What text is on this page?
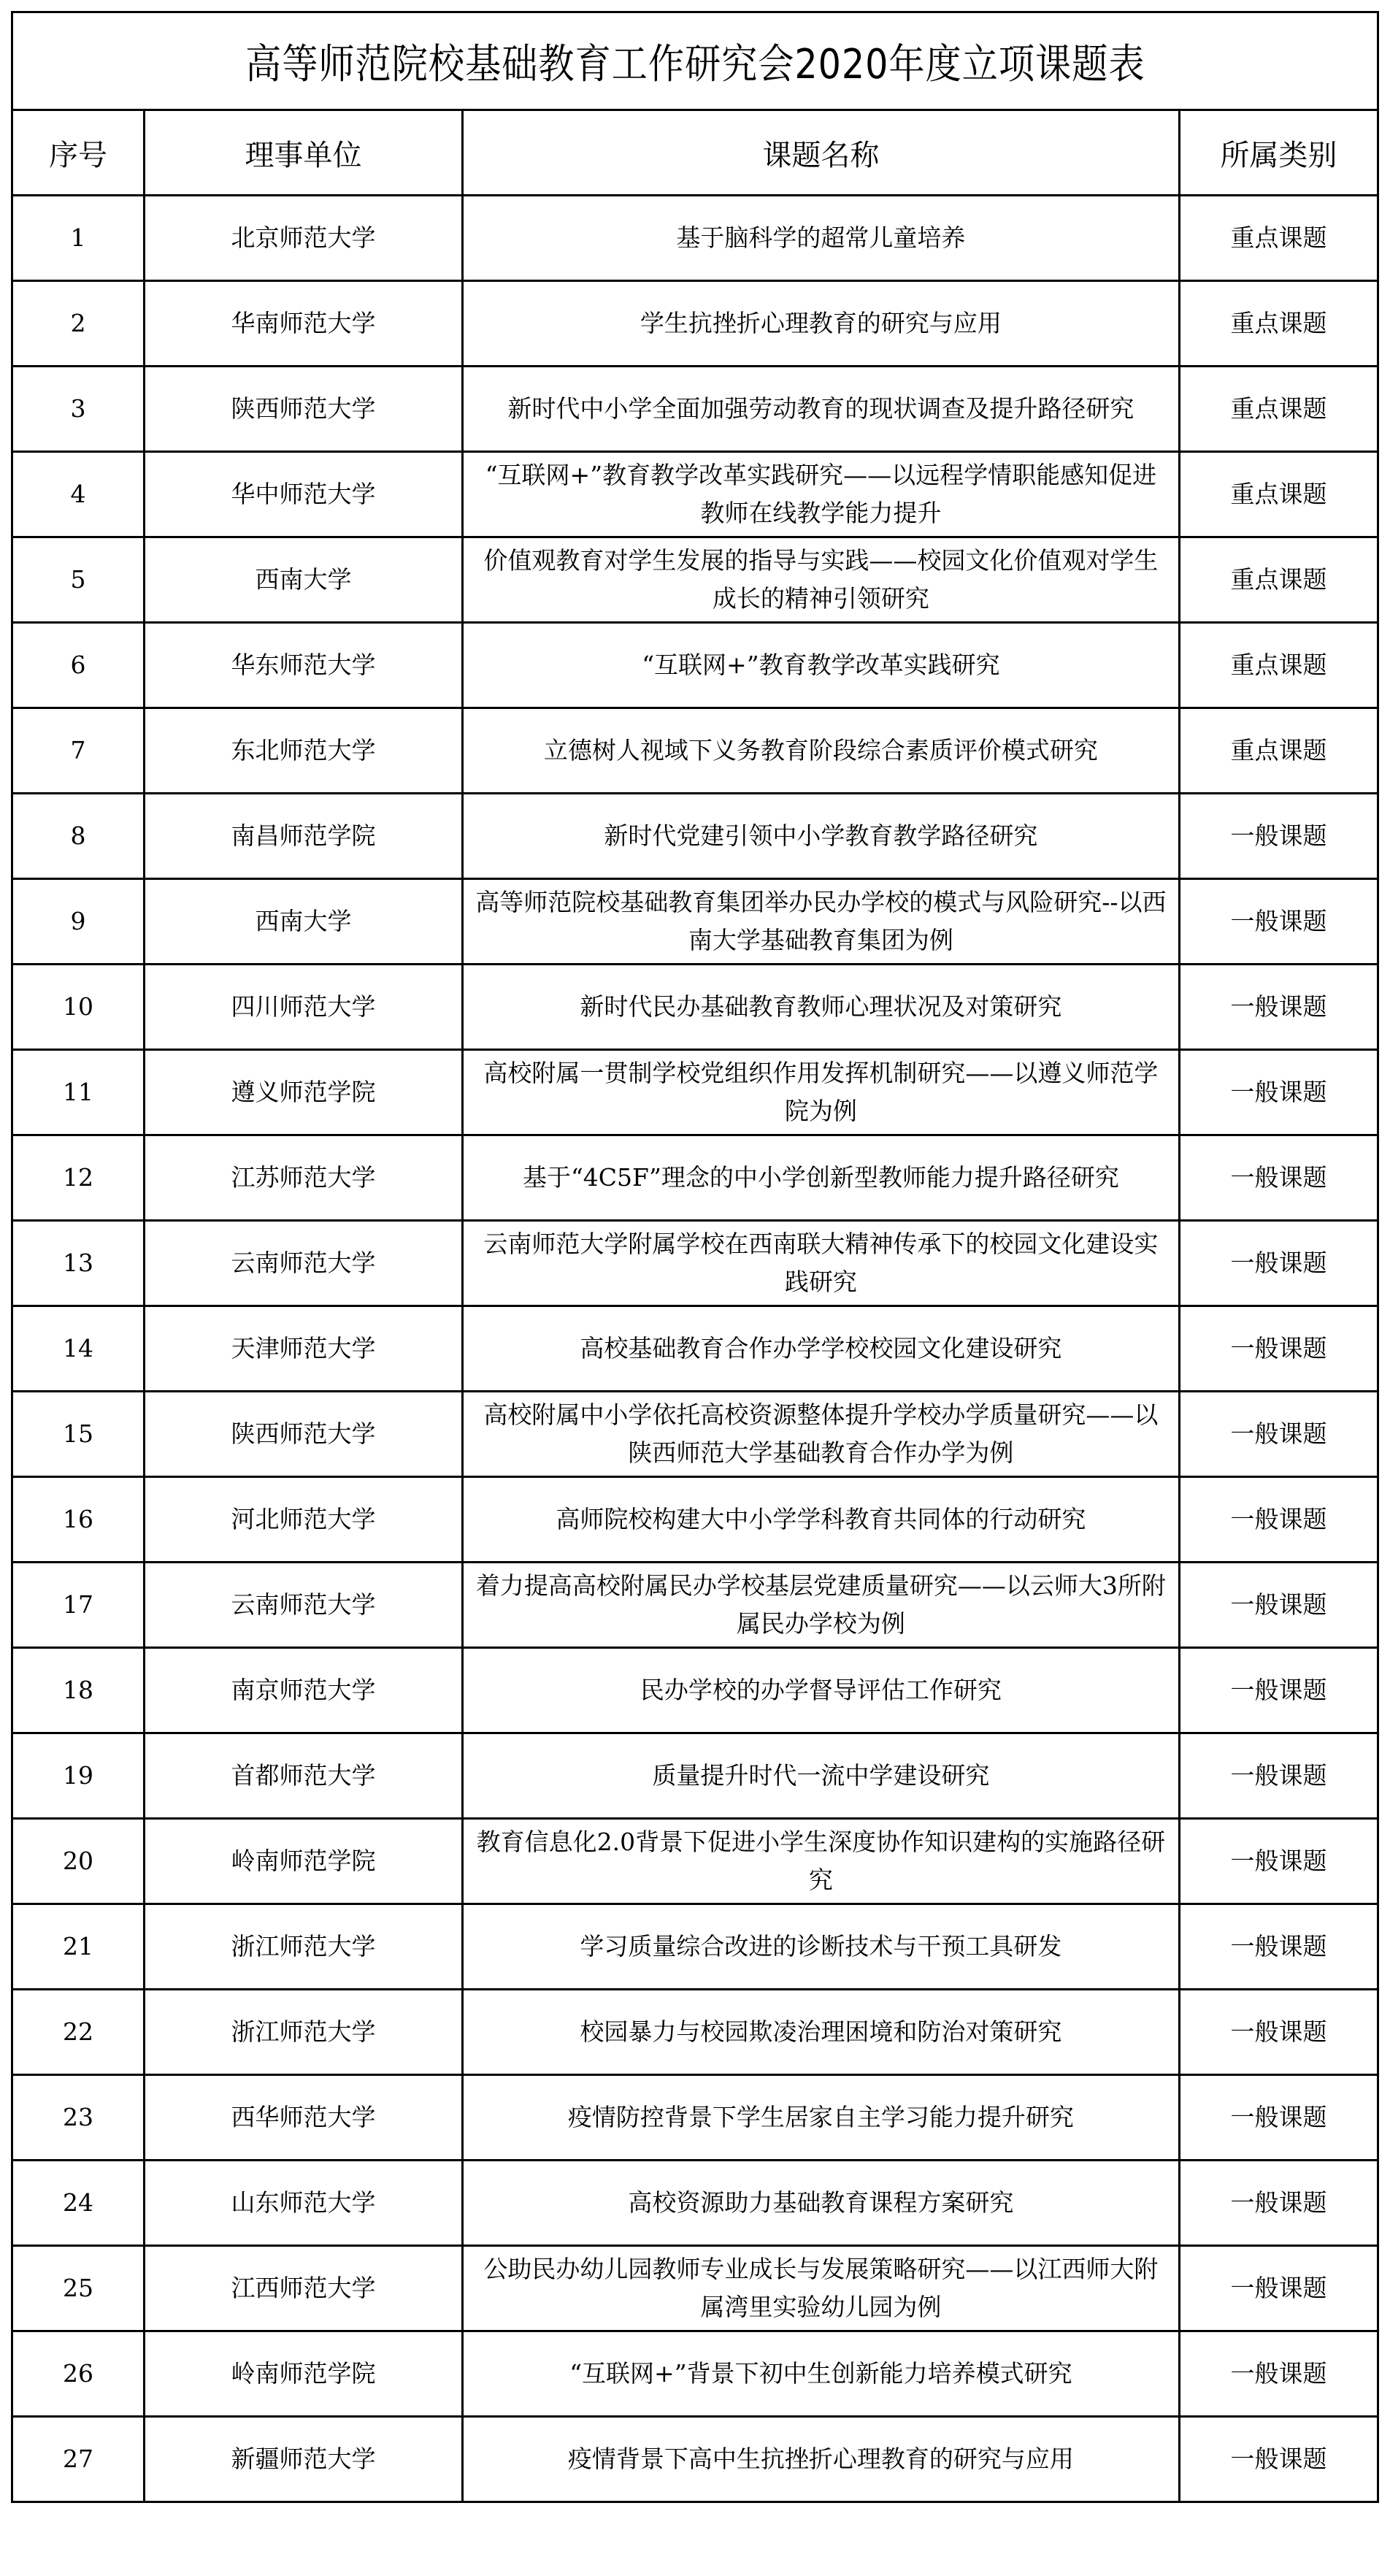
高等师范院校基础教育工作研究会2020年度立项课题表			
序号	理事单位	课题名称	所属类别
1	北京师范大学	基于脑科学的超常儿童培养	重点课题
2	华南师范大学	学生抗挫折心理教育的研究与应用	重点课题
3	陕西师范大学	新时代中小学全面加强劳动教育的现状调查及提升路径研究	重点课题
4	华中师范大学	“互联网+”教育教学改革实践研究——以远程学情职能感知促进教师在线教学能力提升	重点课题
5	西南大学	价值观教育对学生发展的指导与实践——校园文化价值观对学生成长的精神引领研究	重点课题
6	华东师范大学	“互联网+”教育教学改革实践研究	重点课题
7	东北师范大学	立德树人视域下义务教育阶段综合素质评价模式研究	重点课题
8	南昌师范学院	新时代党建引领中小学教育教学路径研究	一般课题
9	西南大学	高等师范院校基础教育集团举办民办学校的模式与风险研究--以西南大学基础教育集团为例	一般课题
10	四川师范大学	新时代民办基础教育教师心理状况及对策研究	一般课题
11	遵义师范学院	高校附属一贯制学校党组织作用发挥机制研究——以遵义师范学院为例	一般课题
12	江苏师范大学	基于“4C5F”理念的中小学创新型教师能力提升路径研究	一般课题
13	云南师范大学	云南师范大学附属学校在西南联大精神传承下的校园文化建设实践研究	一般课题
14	天津师范大学	高校基础教育合作办学学校校园文化建设研究	一般课题
15	陕西师范大学	高校附属中小学依托高校资源整体提升学校办学质量研究——以陕西师范大学基础教育合作办学为例	一般课题
16	河北师范大学	高师院校构建大中小学学科教育共同体的行动研究	一般课题
17	云南师范大学	着力提高高校附属民办学校基层党建质量研究——以云师大3所附属民办学校为例	一般课题
18	南京师范大学	民办学校的办学督导评估工作研究	一般课题
19	首都师范大学	质量提升时代一流中学建设研究	一般课题
20	岭南师范学院	教育信息化2.0背景下促进小学生深度协作知识建构的实施路径研究	一般课题
21	浙江师范大学	学习质量综合改进的诊断技术与干预工具研发	一般课题
22	浙江师范大学	校园暴力与校园欺凌治理困境和防治对策研究	一般课题
23	西华师范大学	疫情防控背景下学生居家自主学习能力提升研究	一般课题
24	山东师范大学	高校资源助力基础教育课程方案研究	一般课题
25	江西师范大学	公助民办幼儿园教师专业成长与发展策略研究——以江西师大附属湾里实验幼儿园为例	一般课题
26	岭南师范学院	“互联网+”背景下初中生创新能力培养模式研究	一般课题
27	新疆师范大学	疫情背景下高中生抗挫折心理教育的研究与应用	一般课题
